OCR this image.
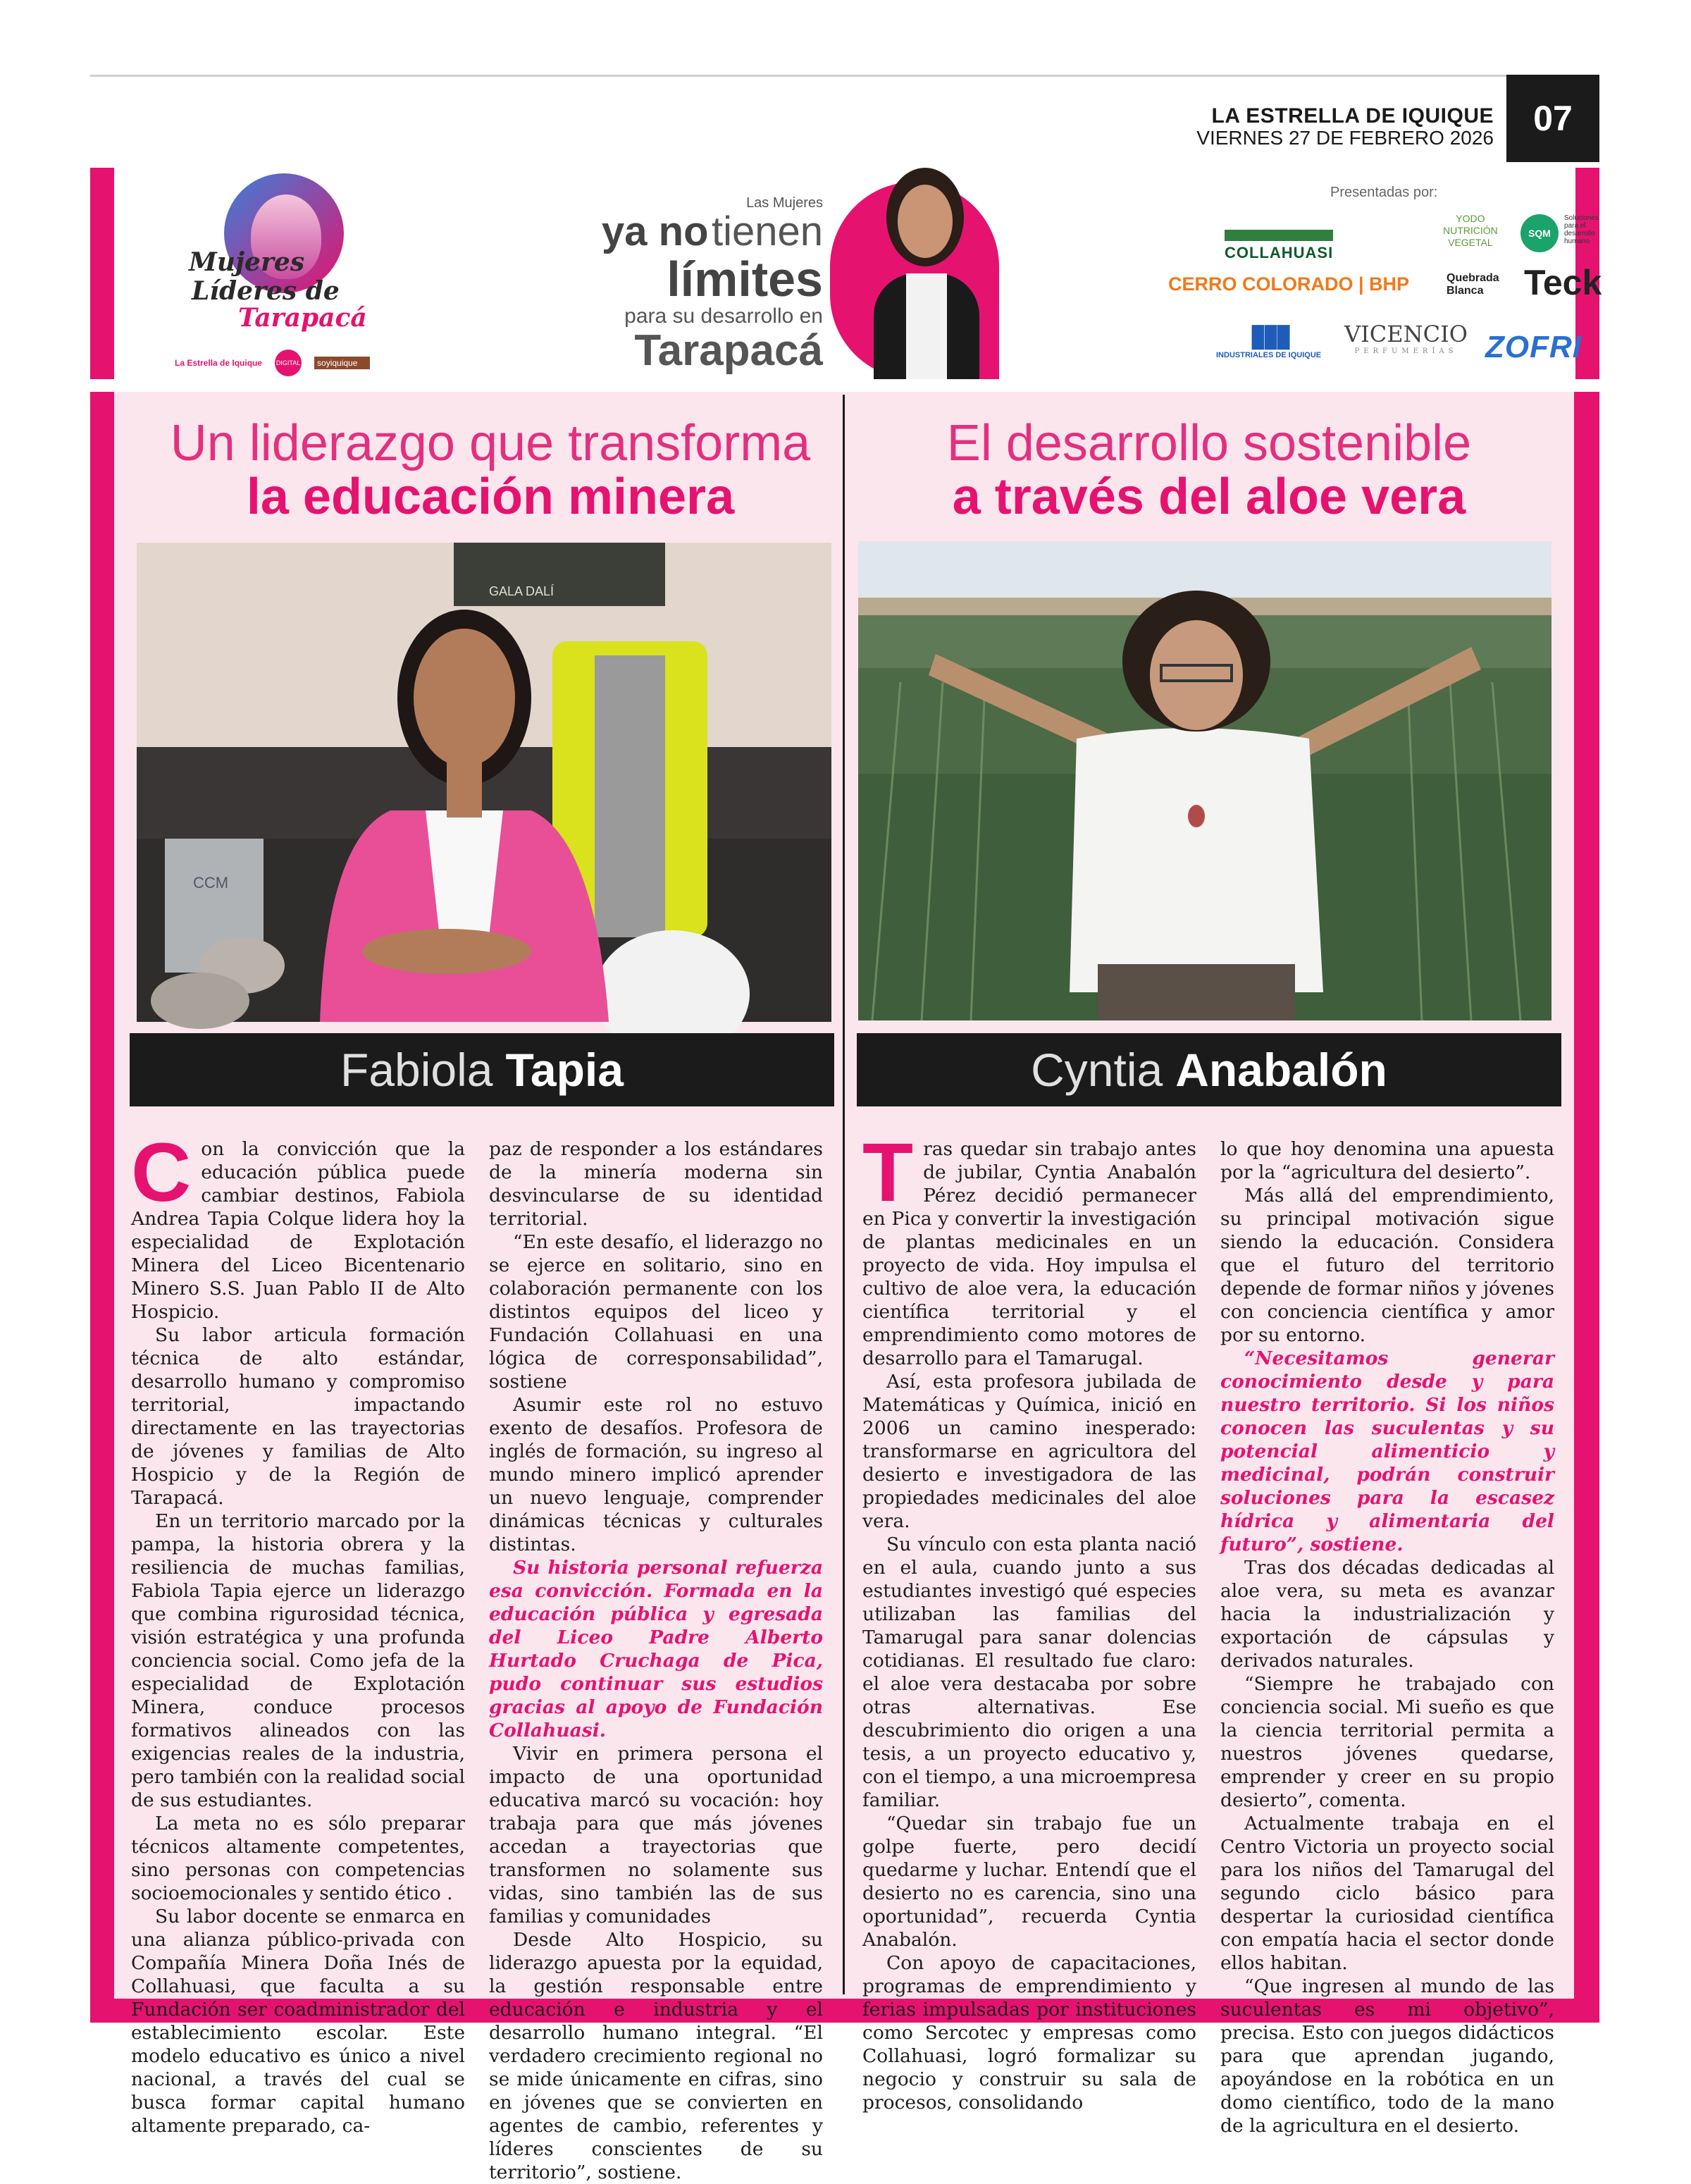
LA ESTRELLA DE IQUIQUE
VIERNES 27 DE FEBRERO 2026	07
Mujeres
Líderes de
Tarapacá
La Estrella de Iquique DIGITAL	soyiquique
Las Mujeres
ya no tienen
límites
para su desarrollo en
Tarapacá
Presentadas por:
COLLAHUASI
YODO
NUTRICIÓN
VEGETAL
SQM
Soluciones para el desarrollo humano
CERRO COLORADO | BHP	Quebrada
Blanca	Teck
▮▮▮
INDUSTRIALES DE IQUIQUE
VICENCIO
PERFUMERÍAS ZOFRI
Un liderazgo que transforma
la educación minera
GALA DALÍ
CCM
Fabiola Tapia
C on la convicción que la educación pública puede cambiar destinos, Fabiola Andrea Tapia Colque lidera hoy la especialidad de Explotación Minera del Liceo Bicentenario Minero S.S. Juan Pablo II de Alto Hospicio.

Su labor articula formación técnica de alto estándar, desarrollo humano y compromiso territorial, impactando directamente en las trayectorias de jóvenes y familias de Alto Hospicio y de la Región de Tarapacá.

En un territorio marcado por la pampa, la historia obrera y la resiliencia de muchas familias, Fabiola Tapia ejerce un liderazgo que combina rigurosidad técnica, visión estratégica y una profunda conciencia social. Como jefa de la especialidad de Explotación Minera, conduce procesos formativos alineados con las exigencias reales de la industria, pero también con la realidad social de sus estudiantes.

La meta no es sólo preparar técnicos altamente competentes, sino personas con competencias socioemocionales y sentido ético .

Su labor docente se enmarca en una alianza público-privada con Compañía Minera Doña Inés de Collahuasi, que faculta a su Fundación ser coadministrador del establecimiento escolar. Este modelo educativo es único a nivel nacional, a través del cual se busca formar capital humano altamente preparado, ca-

paz de responder a los estándares de la minería moderna sin desvincularse de su identidad territorial.

“En este desafío, el liderazgo no se ejerce en solitario, sino en colaboración permanente con los distintos equipos del liceo y Fundación Collahuasi en una lógica de corresponsabilidad”, sostiene

Asumir este rol no estuvo exento de desafíos. Profesora de inglés de formación, su ingreso al mundo minero implicó aprender un nuevo lenguaje, comprender dinámicas técnicas y culturales distintas.

Su historia personal refuerza esa convicción. Formada en la educación pública y egresada del Liceo Padre Alberto Hurtado Cruchaga de Pica, pudo continuar sus estudios gracias al apoyo de Fundación Collahuasi.

Vivir en primera persona el impacto de una oportunidad educativa marcó su vocación: hoy trabaja para que más jóvenes accedan a trayectorias que transformen no solamente sus vidas, sino también las de sus familias y comunidades

Desde Alto Hospicio, su liderazgo apuesta por la equidad, la gestión responsable entre educación e industria y el desarrollo humano integral. “El verdadero crecimiento regional no se mide únicamente en cifras, sino en jóvenes que se convierten en agentes de cambio, referentes y líderes conscientes de su territorio”, sostiene.

El desarrollo sostenible
a través del aloe vera
Cyntia Anabalón
T ras quedar sin trabajo antes de jubilar, Cyntia Anabalón Pérez decidió permanecer en Pica y convertir la investigación de plantas medicinales en un proyecto de vida. Hoy impulsa el cultivo de aloe vera, la educación científica territorial y el emprendimiento como motores de desarrollo para el Tamarugal.

Así, esta profesora jubilada de Matemáticas y Química, inició en 2006 un camino inesperado: transformarse en agricultora del desierto e investigadora de las propiedades medicinales del aloe vera.

Su vínculo con esta planta nació en el aula, cuando junto a sus estudiantes investigó qué especies utilizaban las familias del Tamarugal para sanar dolencias cotidianas. El resultado fue claro: el aloe vera destacaba por sobre otras alternativas. Ese descubrimiento dio origen a una tesis, a un proyecto educativo y, con el tiempo, a una microempresa familiar.

“Quedar sin trabajo fue un golpe fuerte, pero decidí quedarme y luchar. Entendí que el desierto no es carencia, sino una oportunidad”, recuerda Cyntia Anabalón.

Con apoyo de capacitaciones, programas de emprendimiento y ferias impulsadas por instituciones como Sercotec y empresas como Collahuasi, logró formalizar su negocio y construir su sala de procesos, consolidando

lo que hoy denomina una apuesta por la “agricultura del desierto”.

Más allá del emprendimiento, su principal motivación sigue siendo la educación. Considera que el futuro del territorio depende de formar niños y jóvenes con conciencia científica y amor por su entorno.

“Necesitamos generar conocimiento desde y para nuestro territorio. Si los niños conocen las suculentas y su potencial alimenticio y medicinal, podrán construir soluciones para la escasez hídrica y alimentaria del futuro”, sostiene.

Tras dos décadas dedicadas al aloe vera, su meta es avanzar hacia la industrialización y exportación de cápsulas y derivados naturales.

“Siempre he trabajado con conciencia social. Mi sueño es que la ciencia territorial permita a nuestros jóvenes quedarse, emprender y creer en su propio desierto”, comenta.

Actualmente trabaja en el Centro Victoria un proyecto social para los niños del Tamarugal del segundo ciclo básico para despertar la curiosidad científica con empatía hacia el sector donde ellos habitan.

“Que ingresen al mundo de las suculentas es mi objetivo”, precisa. Esto con juegos didácticos para que aprendan jugando, apoyándose en la robótica en un domo científico, todo de la mano de la agricultura en el desierto.
